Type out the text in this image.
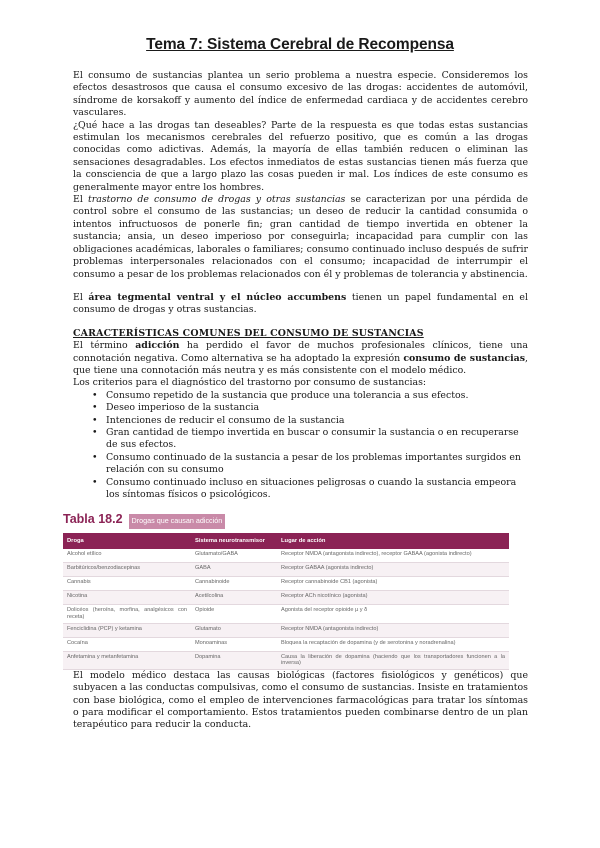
Tema 7: Sistema Cerebral de Recompensa

El consumo de sustancias plantea un serio problema a nuestra especie. Consideremos los efectos desastrosos que causa el consumo excesivo de las drogas: accidentes de automóvil, síndrome de korsakoff y aumento del índice de enfermedad cardiaca y de accidentes cerebro vasculares.

¿Qué hace a las drogas tan deseables? Parte de la respuesta es que todas estas sustancias estimulan los mecanismos cerebrales del refuerzo positivo, que es común a las drogas conocidas como adictivas. Además, la mayoría de ellas también reducen o eliminan las sensaciones desagradables. Los efectos inmediatos de estas sustancias tienen más fuerza que la consciencia de que a largo plazo las cosas pueden ir mal. Los índices de este consumo es generalmente mayor entre los hombres.

El trastorno de consumo de drogas y otras sustancias se caracterizan por una pérdida de control sobre el consumo de las sustancias; un deseo de reducir la cantidad consumida o intentos infructuosos de ponerle fin; gran cantidad de tiempo invertida en obtener la sustancia; ansia, un deseo imperioso por conseguirla; incapacidad para cumplir con las obligaciones académicas, laborales o familiares; consumo continuado incluso después de sufrir problemas interpersonales relacionados con el consumo; incapacidad de interrumpir el consumo a pesar de los problemas relacionados con él y problemas de tolerancia y abstinencia.

El área tegmental ventral y el núcleo accumbens tienen un papel fundamental en el consumo de drogas y otras sustancias.

CARACTERÍSTICAS COMUNES DEL CONSUMO DE SUSTANCIAS

El término adicción ha perdido el favor de muchos profesionales clínicos, tiene una connotación negativa. Como alternativa se ha adoptado la expresión consumo de sustancias, que tiene una connotación más neutra y es más consistente con el modelo médico.

Los criterios para el diagnóstico del trastorno por consumo de sustancias:

• Consumo repetido de la sustancia que produce una tolerancia a sus efectos.
• Deseo imperioso de la sustancia
• Intenciones de reducir el consumo de la sustancia
• Gran cantidad de tiempo invertida en buscar o consumir la sustancia o en recuperarse de sus efectos.
• Consumo continuado de la sustancia a pesar de los problemas importantes surgidos en relación con su consumo
• Consumo continuado incluso en situaciones peligrosas o cuando la sustancia empeora los síntomas físicos o psicológicos.
Tabla 18.2	Drogas que causan adicción
Droga	Sistema neurotransmisor	Lugar de acción
Alcohol etílico	Glutamato/GABA	Receptor NMDA (antagonista indirecto), receptor GABAA (agonista indirecto)
Barbitúricos/benzodiacepinas	GABA	Receptor GABAA (agonista indirecto)
Cannabis	Cannabinoide	Receptor cannabinoide CB1 (agonista)
Nicotina	Acetilcolina	Receptor ACh nicotínico (agonista)
Dolicéos (heroína, morfina, analgésicos con receta)	Opioide	Agonista del receptor opioide µ y δ
Fenciclidina (PCP) y ketamina	Glutamato	Receptor NMDA (antagonista indirecto)
Cocaína	Monoaminas	Bloquea la recaptación de dopamina (y de serotonina y noradrenalina)
Anfetamina y metanfetamina	Dopamina	Causa la liberación de dopamina (haciendo que los transportadores funcionen a la inversa)

El modelo médico destaca las causas biológicas (factores fisiológicos y genéticos) que subyacen a las conductas compulsivas, como el consumo de sustancias. Insiste en tratamientos con base biológica, como el empleo de intervenciones farmacológicas para tratar los síntomas o para modificar el comportamiento. Estos tratamientos pueden combinarse dentro de un plan terapéutico para reducir la conducta.
